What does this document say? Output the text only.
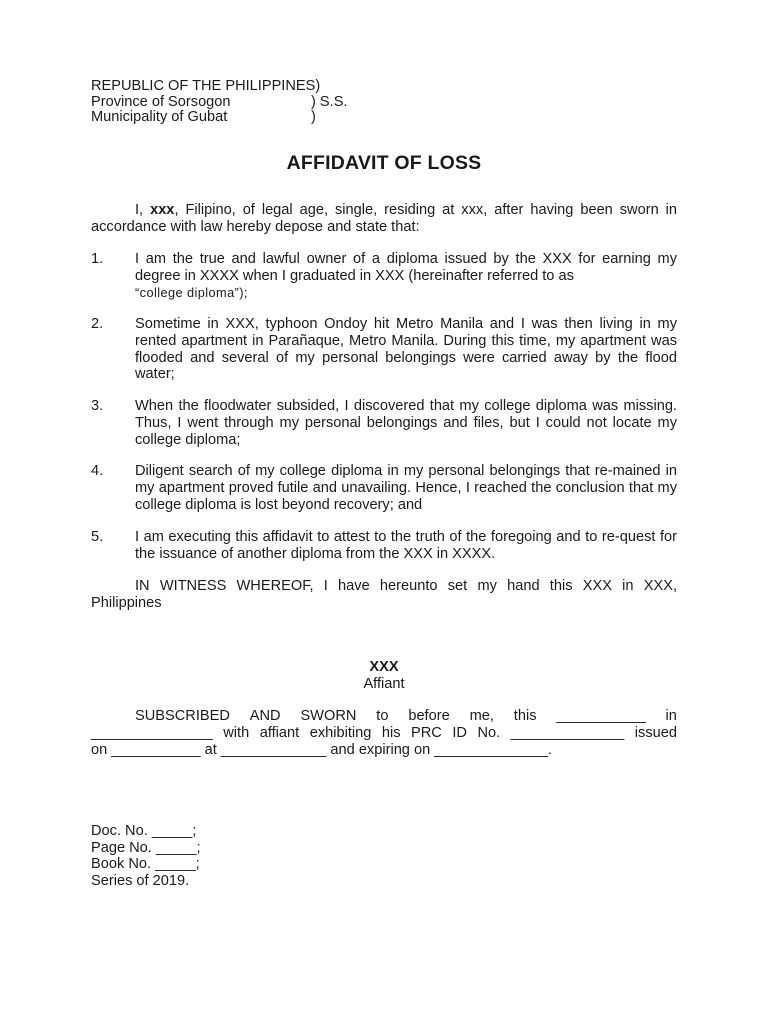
REPUBLIC OF THE PHILIPPINES)
Province of Sorsogon	) S.S.
Municipality of Gubat	)
AFFIDAVIT OF LOSS
I, xxx, Filipino, of legal age, single, residing at xxx, after having been sworn in accordance with law hereby depose and state that:
1. I am the true and lawful owner of a diploma issued by the XXX for earning my degree in XXXX when I graduated in XXX (hereinafter referred to as
“college diploma”);
2. Sometime in XXX, typhoon Ondoy hit Metro Manila and I was then living in my rented apartment in Parañaque, Metro Manila. During this time, my apartment was flooded and several of my personal belongings were carried away by the flood water;
3. When the floodwater subsided, I discovered that my college diploma was missing. Thus, I went through my personal belongings and files, but I could not locate my college diploma;
4. Diligent search of my college diploma in my personal belongings that re-mained in my apartment proved futile and unavailing. Hence, I reached the conclusion that my college diploma is lost beyond recovery; and
5. I am executing this affidavit to attest to the truth of the foregoing and to re-quest for the issuance of another diploma from the XXX in XXXX.
IN WITNESS WHEREOF, I have hereunto set my hand this XXX in XXX, Philippines
XXX
Affiant
SUBSCRIBED AND SWORN to before me, this ___________ in
_______________ with affiant exhibiting his PRC ID No. ______________ issued
on ___________ at _____________ and expiring on ______________.
Doc. No. _____;
Page No. _____;
Book No. _____;
Series of 2019.
